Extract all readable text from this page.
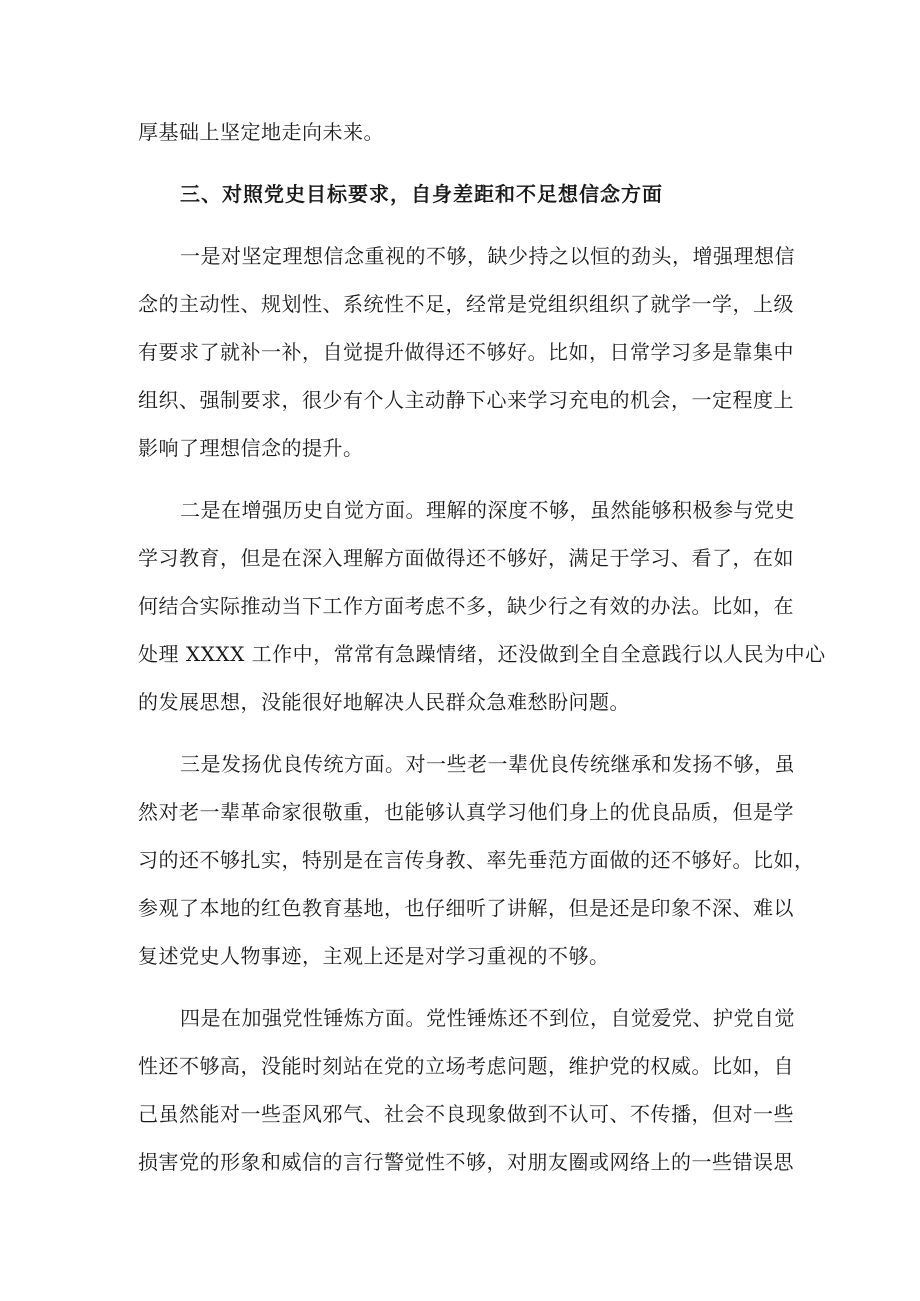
厚基础上坚定地走向未来。
三、对照党史目标要求，自身差距和不足想信念方面
一是对坚定理想信念重视的不够，缺少持之以恒的劲头，增强理想信
念的主动性、规划性、系统性不足，经常是党组织组织了就学一学，上级
有要求了就补一补，自觉提升做得还不够好。比如，日常学习多是靠集中
组织、强制要求，很少有个人主动静下心来学习充电的机会，一定程度上
影响了理想信念的提升。
二是在增强历史自觉方面。理解的深度不够，虽然能够积极参与党史
学习教育，但是在深入理解方面做得还不够好，满足于学习、看了，在如
何结合实际推动当下工作方面考虑不多，缺少行之有效的办法。比如，在
处理 XXXX 工作中，常常有急躁情绪，还没做到全自全意践行以人民为中心
的发展思想，没能很好地解决人民群众急难愁盼问题。
三是发扬优良传统方面。对一些老一辈优良传统继承和发扬不够，虽
然对老一辈革命家很敬重，也能够认真学习他们身上的优良品质，但是学
习的还不够扎实，特别是在言传身教、率先垂范方面做的还不够好。比如，
参观了本地的红色教育基地，也仔细听了讲解，但是还是印象不深、难以
复述党史人物事迹，主观上还是对学习重视的不够。
四是在加强党性锤炼方面。党性锤炼还不到位，自觉爱党、护党自觉
性还不够高，没能时刻站在党的立场考虑问题，维护党的权威。比如，自
己虽然能对一些歪风邪气、社会不良现象做到不认可、不传播，但对一些
损害党的形象和威信的言行警觉性不够，对朋友圈或网络上的一些错误思
